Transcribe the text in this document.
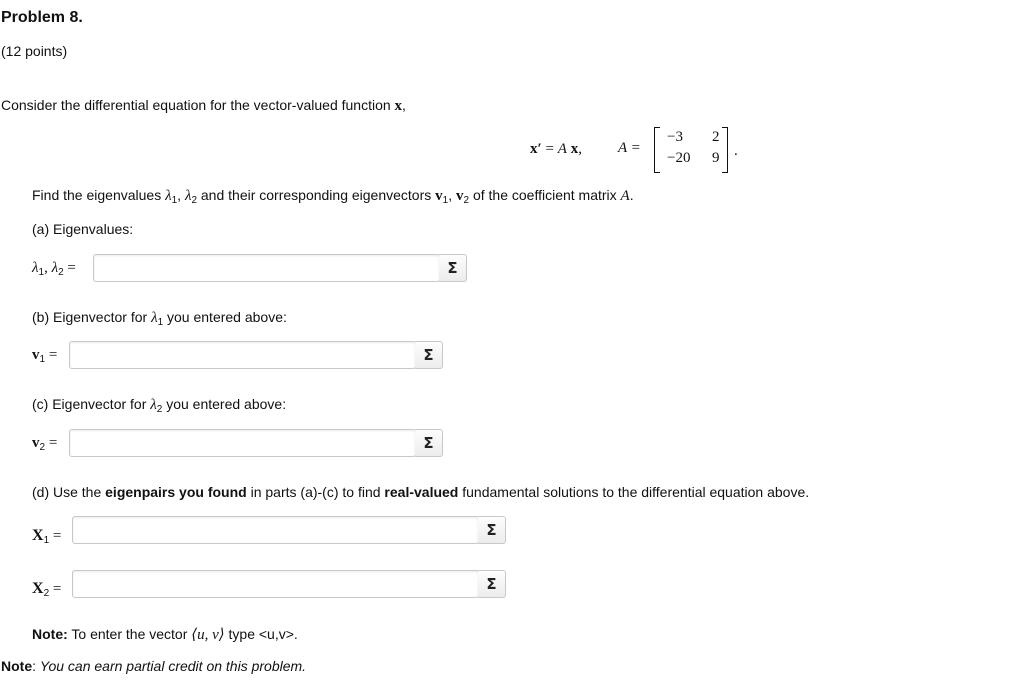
Problem 8.
(12 points)
Consider the differential equation for the vector-valued function x,
x′ = A x, A =
−3 2
−20 9 .
Find the eigenvalues $\lambda_1$, $\lambda_2$ and their corresponding eigenvectors $v_1$, $v_2$ of the coefficient matrix A.
(a) Eigenvalues:
$\lambda_1$, $\lambda_2$ =	Σ
(b) Eigenvector for $\lambda_1$ you entered above:
$v_1$ =	Σ
(c) Eigenvector for $\lambda_2$ you entered above:
$v_2$ =	Σ
(d) Use the eigenpairs you found in parts (a)-(c) to find real-valued fundamental solutions to the differential equation above.
$X_1$ =	Σ
$X_2$ =	Σ
Note: To enter the vector ⟨u, v⟩ type <u,v>.
Note: You can earn partial credit on this problem.
